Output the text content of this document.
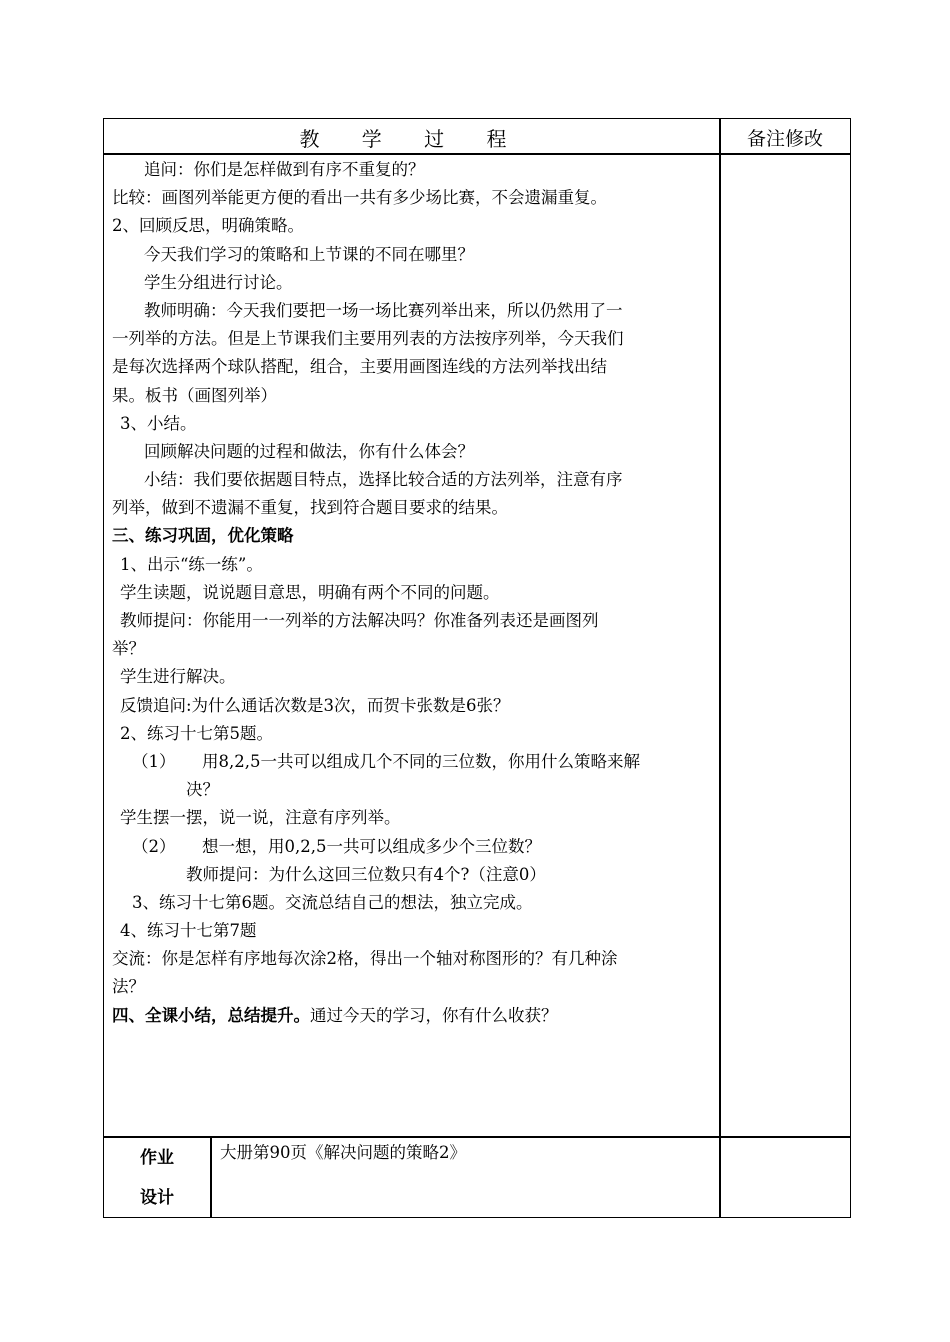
教 学 过 程	备注修改
追问：你们是怎样做到有序不重复的？
比较：画图列举能更方便的看出一共有多少场比赛，不会遗漏重复。
2、回顾反思，明确策略。
今天我们学习的策略和上节课的不同在哪里？
学生分组进行讨论。
教师明确：今天我们要把一场一场比赛列举出来，所以仍然用了一
一列举的方法。但是上节课我们主要用列表的方法按序列举，今天我们
是每次选择两个球队搭配，组合，主要用画图连线的方法列举找出结
果。板书（画图列举）
3、小结。
回顾解决问题的过程和做法，你有什么体会？
小结：我们要依据题目特点，选择比较合适的方法列举，注意有序
列举，做到不遗漏不重复，找到符合题目要求的结果。
三、练习巩固，优化策略
1、出示“练一练”。
学生读题，说说题目意思，明确有两个不同的问题。
教师提问：你能用一一列举的方法解决吗？你准备列表还是画图列
举？
学生进行解决。
反馈追问:为什么通话次数是3次，而贺卡张数是6张？
2、练习十七第5题。
（1） 用8,2,5一共可以组成几个不同的三位数，你用什么策略来解
决？
学生摆一摆，说一说，注意有序列举。
（2） 想一想，用0,2,5一共可以组成多少个三位数？
教师提问：为什么这回三位数只有4个?（注意0）
3、练习十七第6题。交流总结自己的想法，独立完成。
4、练习十七第7题
交流：你是怎样有序地每次涂2格，得出一个轴对称图形的？有几种涂
法？
四、全课小结，总结提升。通过今天的学习，你有什么收获？
作业
设计
大册第90页《解决问题的策略2》
